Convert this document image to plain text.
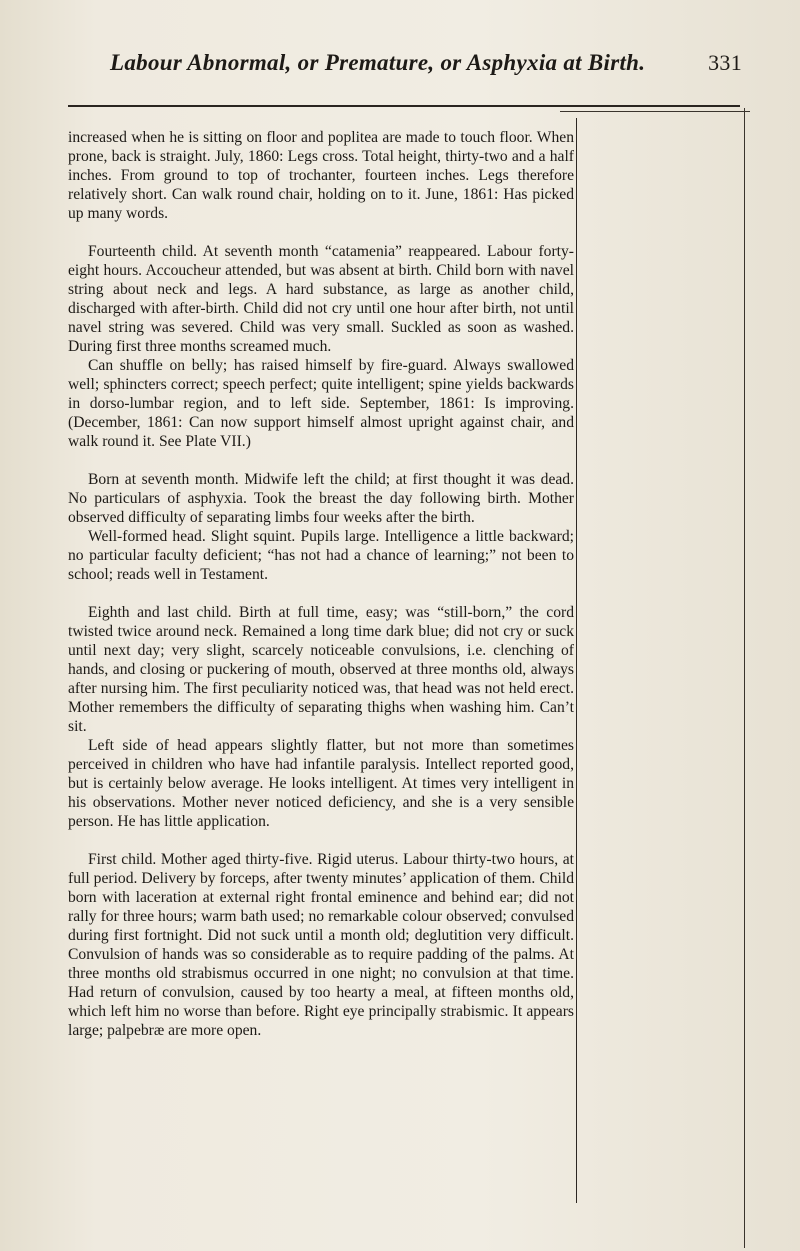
Labour Abnormal, or Premature, or Asphyxia at Birth.	331

increased when he is sitting on floor and poplitea are made to touch floor. When prone, back is straight. July, 1860: Legs cross. Total height, thirty-two and a half inches. From ground to top of trochanter, fourteen inches. Legs therefore relatively short. Can walk round chair, holding on to it. June, 1861: Has picked up many words.

Fourteenth child. At seventh month “catamenia” reappeared. Labour forty-eight hours. Accoucheur attended, but was absent at birth. Child born with navel string about neck and legs. A hard substance, as large as another child, discharged with after-birth. Child did not cry until one hour after birth, not until navel string was severed. Child was very small. Suckled as soon as washed. During first three months screamed much.

Can shuffle on belly; has raised himself by fire-guard. Always swallowed well; sphincters correct; speech perfect; quite intelligent; spine yields backwards in dorso-lumbar region, and to left side. September, 1861: Is improving. (December, 1861: Can now support himself almost upright against chair, and walk round it. See Plate VII.)

Born at seventh month. Midwife left the child; at first thought it was dead. No particulars of asphyxia. Took the breast the day following birth. Mother observed difficulty of separating limbs four weeks after the birth.

Well-formed head. Slight squint. Pupils large. Intelligence a little backward; no particular faculty deficient; “has not had a chance of learning;” not been to school; reads well in Testament.

Eighth and last child. Birth at full time, easy; was “still-born,” the cord twisted twice around neck. Remained a long time dark blue; did not cry or suck until next day; very slight, scarcely noticeable convulsions, i.e. clenching of hands, and closing or puckering of mouth, observed at three months old, always after nursing him. The first peculiarity noticed was, that head was not held erect. Mother remembers the difficulty of separating thighs when washing him. Can’t sit.

Left side of head appears slightly flatter, but not more than sometimes perceived in children who have had infantile paralysis. Intellect reported good, but is certainly below average. He looks intelligent. At times very intelligent in his observations. Mother never noticed deficiency, and she is a very sensible person. He has little application.

First child. Mother aged thirty-five. Rigid uterus. Labour thirty-two hours, at full period. Delivery by forceps, after twenty minutes’ application of them. Child born with laceration at external right frontal eminence and behind ear; did not rally for three hours; warm bath used; no remarkable colour observed; convulsed during first fortnight. Did not suck until a month old; deglutition very difficult. Convulsion of hands was so considerable as to require padding of the palms. At three months old strabismus occurred in one night; no convulsion at that time. Had return of convulsion, caused by too hearty a meal, at fifteen months old, which left him no worse than before. Right eye principally strabismic. It appears large; palpebræ are more open.
